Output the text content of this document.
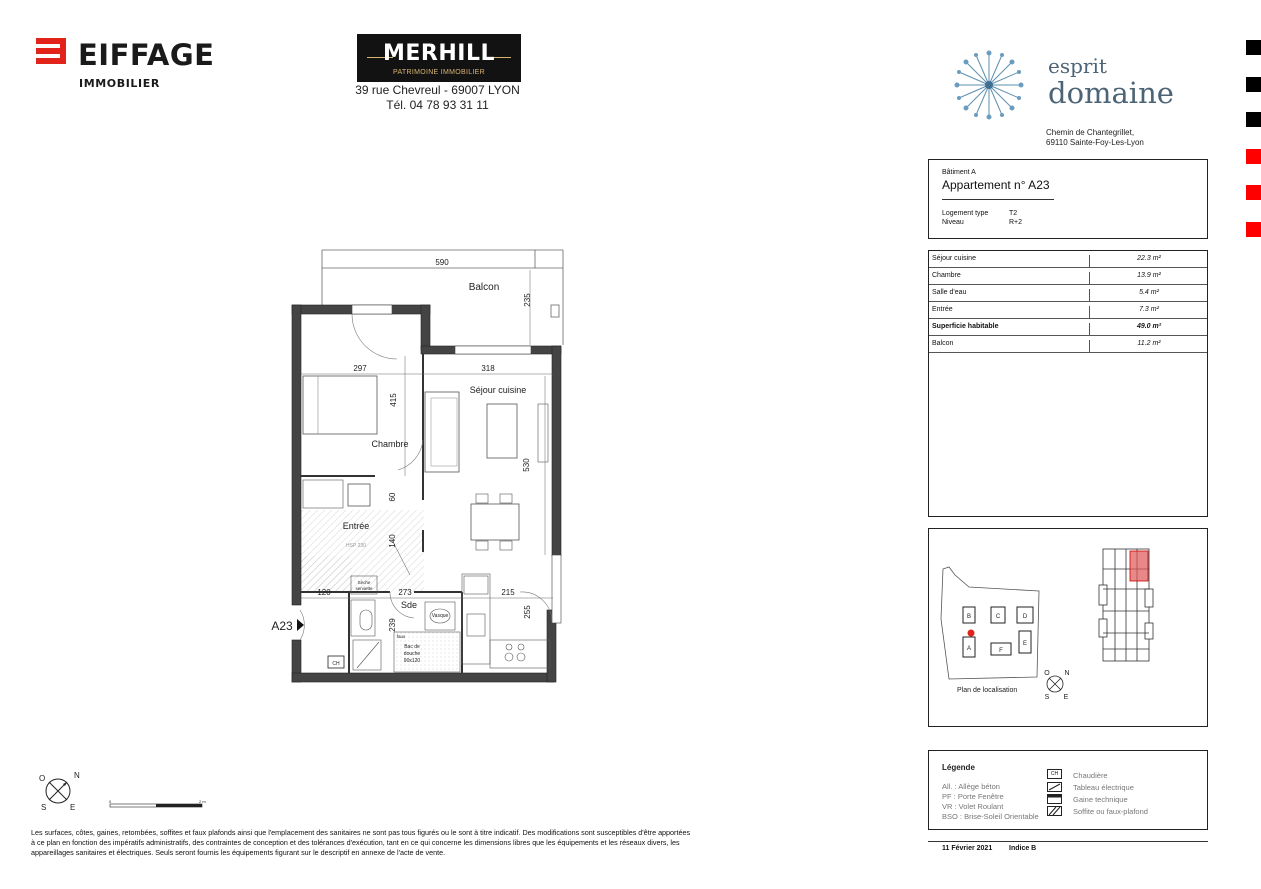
EIFFAGE
IMMOBILIER
MERHILL
PATRIMOINE IMMOBILIER
39 rue Chevreul - 69007 LYON
Tél. 04 78 93 31 11
esprit
domaine
Chemin de Chantegrillet,
69110 Sainte-Foy-Les-Lyon
Bâtiment A
Appartement n° A23
Logement type	T2
Niveau	R+2
Séjour cuisine	22.3 m²
Chambre	13.9 m²
Salle d'eau	5.4 m²
Entrée	7.3 m²
Superficie habitable	49.0 m²
Balcon	11.2 m²
B	C	D
A	F
E
O N
S E
Plan de localisation
Légende
All. : Allège béton
PF : Porte Fenêtre
VR : Volet Roulant
BSO : Brise-Soleil Orientable
CH	Chaudière
Tableau électrique
Gaine technique
Soffite ou faux-plafond
11 Février 2021 Indice B
Les surfaces, côtes, gaines, retombées, soffites et faux plafonds ainsi que l'emplacement des sanitaires ne sont pas tous figurés ou le sont à titre indicatif. Des modifications sont susceptibles d'être apportées
à ce plan en fonction des impératifs administratifs, des contraintes de conception et des tolérances d'exécution, tant en ce qui concerne les dimensions libres que les équipements et les réseaux divers, les
appareillages sanitaires et électriques. Seuls seront fournis les équipements figurant sur le descriptif en annexe de l'acte de vente.
O	N
S	E
0	2 m
590
Balcon
235
297	318
Séjour cuisine
415
Chambre
530
60
Entrée
HSP 230	140
120	273	215
Sèche
serviette
Sde
Vasque
239
255
faux
Bac de
douche
90x120
CH
A23
